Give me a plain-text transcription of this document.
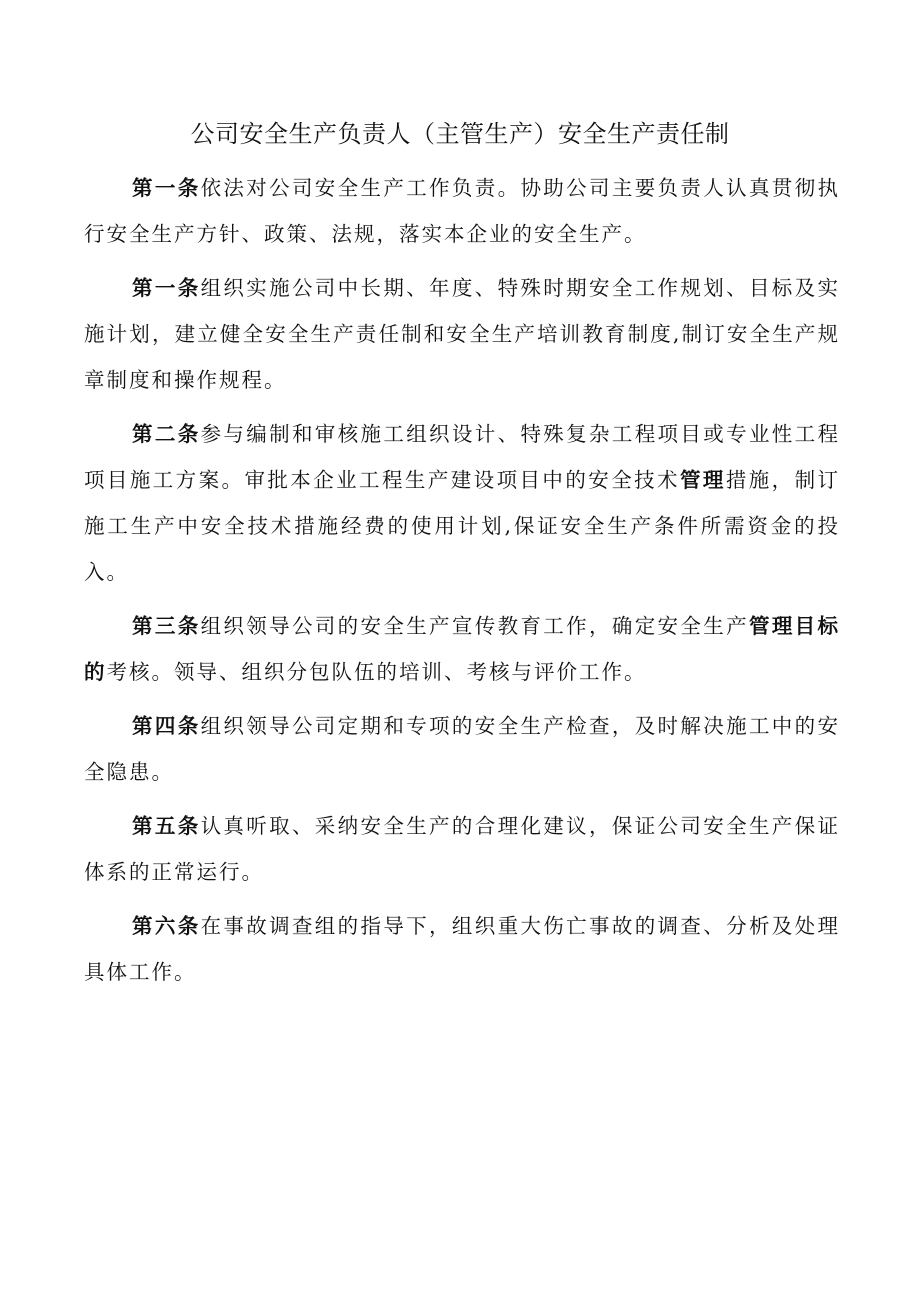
公司安全生产负责人（主管生产）安全生产责任制

第一条依法对公司安全生产工作负责。协助公司主要负责人认真贯彻执行安全生产方针、政策、法规，落实本企业的安全生产。

第一条组织实施公司中长期、年度、特殊时期安全工作规划、目标及实施计划，建立健全安全生产责任制和安全生产培训教育制度,制订安全生产规章制度和操作规程。

第二条参与编制和审核施工组织设计、特殊复杂工程项目或专业性工程项目施工方案。审批本企业工程生产建设项目中的安全技术管理措施，制订施工生产中安全技术措施经费的使用计划,保证安全生产条件所需资金的投入。

第三条组织领导公司的安全生产宣传教育工作，确定安全生产管理目标的考核。领导、组织分包队伍的培训、考核与评价工作。

第四条组织领导公司定期和专项的安全生产检查，及时解决施工中的安全隐患。

第五条认真听取、采纳安全生产的合理化建议，保证公司安全生产保证体系的正常运行。

第六条在事故调查组的指导下，组织重大伤亡事故的调查、分析及处理具体工作。
